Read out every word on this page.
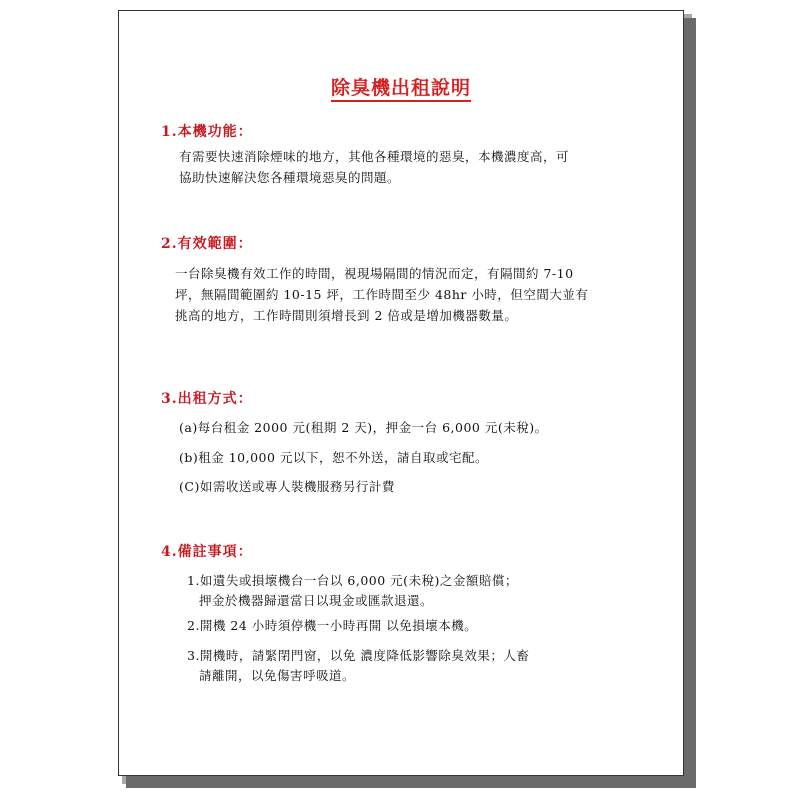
除臭機出租說明
1.本機功能：
有需要快速消除煙味的地方，其他各種環境的惡臭，本機濃度高，可
協助快速解決您各種環境惡臭的問題。
2.有效範圍：
一台除臭機有效工作的時間，視現場隔間的情況而定，有隔間約 7-10
坪，無隔間範圍約 10-15 坪，工作時間至少 48hr 小時，但空間大並有
挑高的地方，工作時間則須增長到 2 倍或是增加機器數量。
3.出租方式：
(a)每台租金 2000 元(租期 2 天)，押金一台 6,000 元(未稅)。
(b)租金 10,000 元以下，恕不外送，請自取或宅配。
(C)如需收送或專人裝機服務另行計費
4.備註事項：
1.如遺失或損壞機台一台以 6,000 元(未稅)之金額賠償；
押金於機器歸還當日以現金或匯款退還。
2.開機 24 小時須停機一小時再開 以免損壞本機。
3.開機時，請緊閉門窗，以免 濃度降低影響除臭效果；人畜
請離開，以免傷害呼吸道。
